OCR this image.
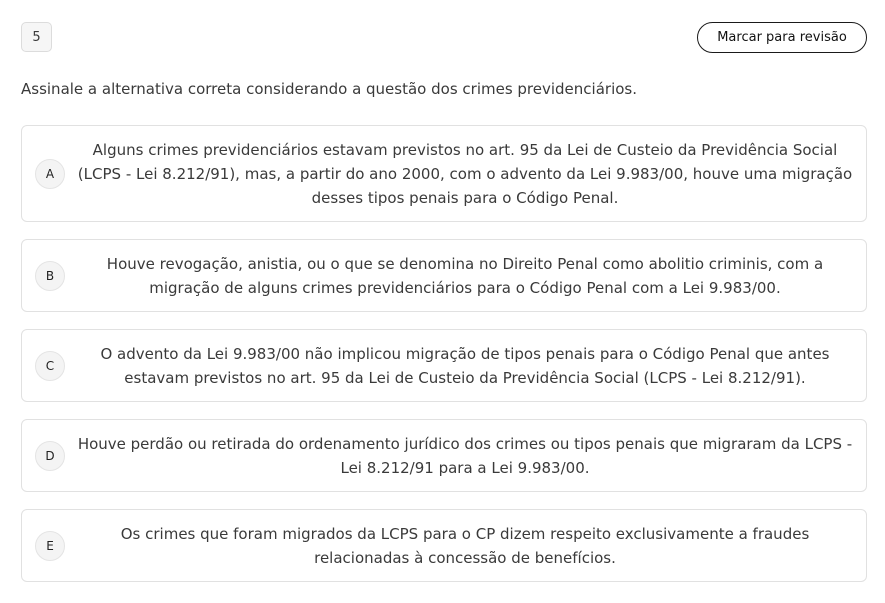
5	Marcar para revisão
Assinale a alternativa correta considerando a questão dos crimes previdenciários.
A
Alguns crimes previdenciários estavam previstos no art. 95 da Lei de Custeio da Previdência Social (LCPS - Lei 8.212/91), mas, a partir do ano 2000, com o advento da Lei 9.983/00, houve uma migração desses tipos penais para o Código Penal.
B
Houve revogação, anistia, ou o que se denomina no Direito Penal como abolitio criminis, com a migração de alguns crimes previdenciários para o Código Penal com a Lei 9.983/00.
C
O advento da Lei 9.983/00 não implicou migração de tipos penais para o Código Penal que antes estavam previstos no art. 95 da Lei de Custeio da Previdência Social (LCPS - Lei 8.212/91).
D
Houve perdão ou retirada do ordenamento jurídico dos crimes ou tipos penais que migraram da LCPS - Lei 8.212/91 para a Lei 9.983/00.
E
Os crimes que foram migrados da LCPS para o CP dizem respeito exclusivamente a fraudes relacionadas à concessão de benefícios.
